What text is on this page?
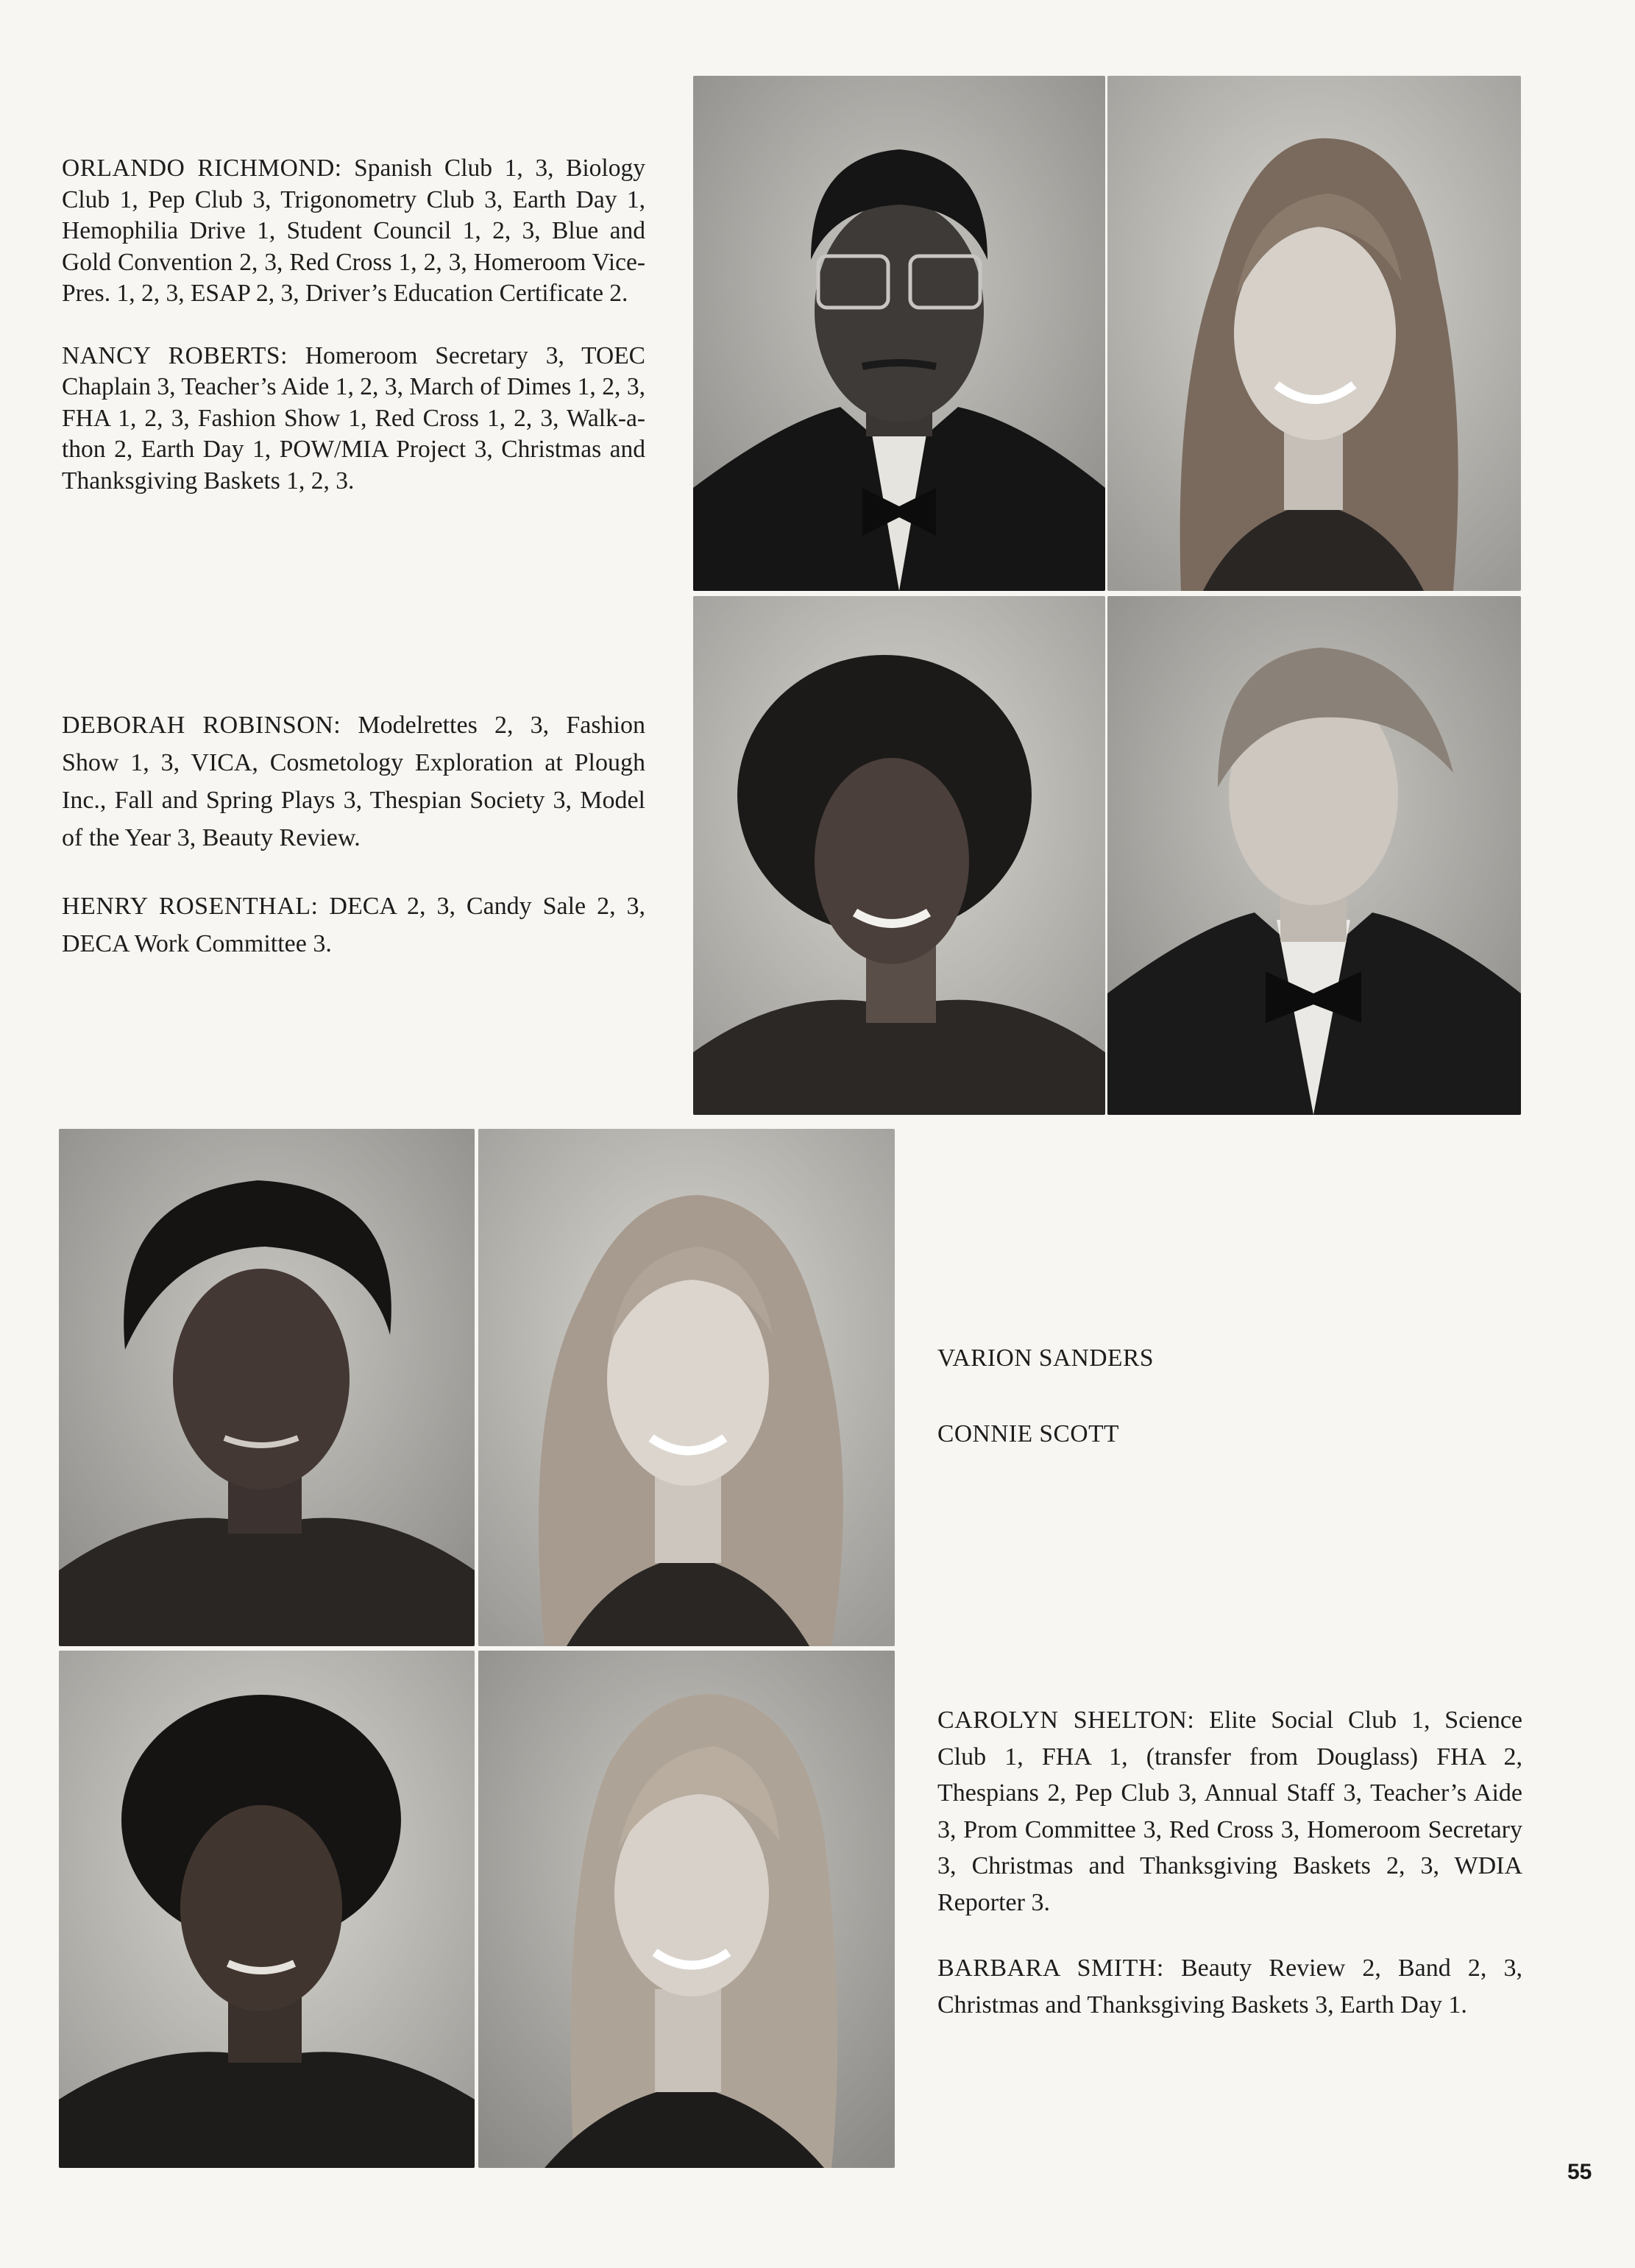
ORLANDO RICHMOND: Spanish Club 1, 3, Biology Club 1, Pep Club 3, Trigonometry Club 3, Earth Day 1, Hemophilia Drive 1, Student Council 1, 2, 3, Blue and Gold Convention 2, 3, Red Cross 1, 2, 3, Homeroom Vice-Pres. 1, 2, 3, ESAP 2, 3, Driver’s Education Certificate 2.

NANCY ROBERTS: Homeroom Secretary 3, TOEC Chaplain 3, Teacher’s Aide 1, 2, 3, March of Dimes 1, 2, 3, FHA 1, 2, 3, Fashion Show 1, Red Cross 1, 2, 3, Walk-a-thon 2, Earth Day 1, POW/MIA Project 3, Christmas and Thanksgiving Baskets 1, 2, 3.

DEBORAH ROBINSON: Modelrettes 2, 3, Fashion Show 1, 3, VICA, Cosmetology Exploration at Plough Inc., Fall and Spring Plays 3, Thespian Society 3, Model of the Year 3, Beauty Review.

HENRY ROSENTHAL: DECA 2, 3, Candy Sale 2, 3, DECA Work Committee 3.

VARION SANDERS

CONNIE SCOTT

CAROLYN SHELTON: Elite Social Club 1, Science Club 1, FHA 1, (transfer from Douglass) FHA 2, Thespians 2, Pep Club 3, Annual Staff 3, Teacher’s Aide 3, Prom Committee 3, Red Cross 3, Homeroom Secretary 3, Christmas and Thanksgiving Baskets 2, 3, WDIA Reporter 3.

BARBARA SMITH: Beauty Review 2, Band 2, 3, Christmas and Thanksgiving Baskets 3, Earth Day 1.

55
